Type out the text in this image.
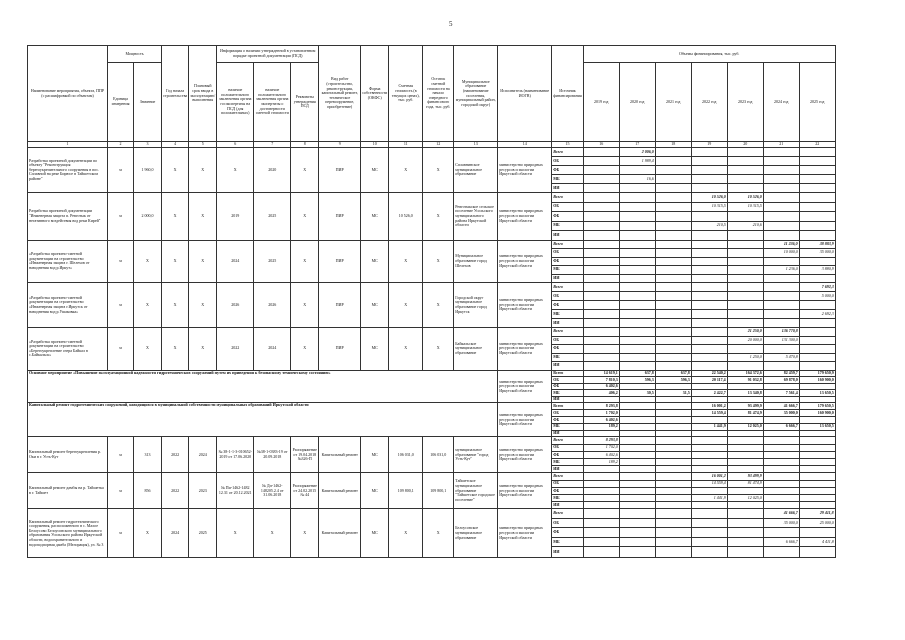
5
Наименование мероприятия, объекта, ППР (с расшифровкой по объектам)	Мощность		Год начала строительства	Плановый срок ввода в эксплуатацию/выполнения	Информация о наличии утвержденной в установленном порядке проектной документации (ПСД)			Вид работ (строительство, реконструкция, капитальный ремонт, техническое перевооружение, приобретение)	Форма собственности (ОКФС)	Сметная стоимость (в текущих ценах), тыс. руб.	Остаток сметной стоимости на начало очередного финансового года, тыс. руб.	Муниципальное образование (наименование поселения, муниципальный район, городской округ)	Исполнитель (наименование ИОГВ)	Источник финансирования	Объемы финансирования, тыс. руб.						
	Единица измерения	Значение			наличие положительного заключения органа госэкспертизы на ПСД (для положительных)	наличие положительного заключения органа экспертизы о достоверности сметной стоимости	Реквизиты утверждения ПСД								2019 год	2020 год	2021 год	2022 год	2023 год	2024 год	2025 год

1	2	3	4	5	6	7	8	9	10	11	12	13	14	15	16	17	18	19	20	21	22
Разработка проектной документации по объекту "Реконструкция берегоукрепительного сооружения в пос. Сплавной на реке Бирюсе в Тайшетском районе"	м	1 960,0	X	X	X	2020	X	ПИР	МС	X	X	Сплавнинское муниципальное образование	министерство природных ресурсов и экологии Иркутской области	Всего		2 006,0					
														ОБ		1 989,4					
														ФБ							
														МБ		16,6					
														ИИ							
Разработка проектной документации "Инженерная защита п. Ревготык от негативного воздействия вод реки Кирей"	м	2 000,0	X	X	2019	2025	X	ПИР	МС	10 526,0	X	Ревготыкское сельское поселение Усольского муниципального района Иркутской области	министерство природных ресурсов и экологии Иркутской области	Всего				10 526,0	10 526,0		
														ОБ				10 315,5	10 315,5		
														ФБ							
														МБ				210,5	210,6		
														ИИ							
«Разработка проектно-сметной документации на строительство «Инженерная защита г. Шелехов от наводнения вод р.Иркут»	м	X	X	X	2024	2025	X	ПИР	МС	X	X	Муниципальное образование город Шелехов	министерство природных ресурсов и экологии Иркутской области	Всего						11 236,0	38 883,9
														ОБ						10 000,0	35 000,0
														ФБ							
														МБ						1 236,0	3 880,9
														ИИ							
«Разработка проектно-сметной документации на строительство «Инженерная защита г.Иркутск от наводнения вод р.Ушаковка»	м	X	X	X	2026	2026	X	ПИР	МС	X	X	Городской округ муниципальное образование город Иркутск	министерство природных ресурсов и экологии Иркутской области	Всего							7 692,3
														ОБ							5 000,0
														ФБ							
														МБ							2 692,3
														ИИ							
«Разработка проектно-сметной документации на строительство «Берегоукрепление озера Байкал в с.Байкальск»	м	X	X	X	2022	2024	X	ПИР	МС	X	X	Байкальское муниципальное образование	министерство природных ресурсов и экологии Иркутской области	Всего					21 250,0	136 770,8	
														ОБ					20 000,0	131 300,0	
														ФБ							
														МБ					1 250,0	5 470,8	
														ИИ							
Основное мероприятие «Повышение эксплуатационной надежности гидротехнических сооружений путем их приведения к безопасному техническому состоянию»													министерство природных ресурсов и экологии Иркутской области	Всего	14 619,1	637,8	637,8	22 540,2	164 372,6	82 459,7	179 650,9
														ОБ	7 810,3	596,3	596,3	20 117,4	91 032,8	69 878,0	160 900,0
														ФБ	6 402,6						
														МБ	406,2	30,5	31,5	2 422,7	13 340,8	7 561,4	13 650,5
														ИИ							
Капитальный ремонт гидротехнических сооружений, находящихся в муниципальной собственности муниципальных образований Иркутской области													министерство природных ресурсов и экологии Иркутской области	Всего	8 293,8			16 001,2	93 499,9	41 666,7	179 650,5
														ОБ	1 702,0			14 559,4	81 474,9	35 000,0	160 900,0
														ФБ	6 402,6						
														МБ	189,2			1 441,9	12 025,0	6 666,7	13 650,5
														ИИ							
Капитальный ремонт берегоукрепления р. Оки в г. Усть-Кут	м	313	2022	2024	№ 38-1-1-3-010652-2019 от 17.06.2020	№38-1-0383-19 от 20.09.2018	Распоряжение от 19.04.2018 №326-П	Капитальный ремонт	МС	106 031,0	106 031,0	муниципальное образование "город Усть-Кут"	министерство природных ресурсов и экологии Иркутской области	Всего	8 293,8						
														ОБ	1 702,0						
														ФБ	6 402,6						
														МБ	189,2						
														ИИ							
Капитальный ремонт дамбы на р. Тайшетка в г. Тайшет	м	856	2022	2023	№ Пи-1462-1482 12.31 от 20.12.2021	№ Дп-1462-148205.2.4 от 31.06.2018	Распоряжение от 24.02.2015 № 44	Капитальный ремонт	МС	109 800,1	109 800,1	Тайшетское муниципальное образование "Тайшетское городское поселение"	министерство природных ресурсов и экологии Иркутской области	Всего				16 001,2	93 499,9		
														ОБ				14 559,4	81 474,9		
														ФБ							
														МБ				1 441,9	12 025,0		
														ИИ							
Капитальный ремонт гидротехнического сооружения, расположенного в с. Малое Белоусово Белоусовского муниципального образования Усольского района Иркутской области, водоохранительного и водоподпорная дамба (Мелорация), ул. № 3	м	X	2024	2025	X	X	X	Капитальный ремонт	МС	X	X	Белоусовское муниципальное образование	министерство природных ресурсов и экологии Иркутской области	Всего						41 666,7	29 411,8
														ОБ						35 000,0	25 000,0
														ФБ							
														МБ						6 666,7	4 411,8
														ИИ							
